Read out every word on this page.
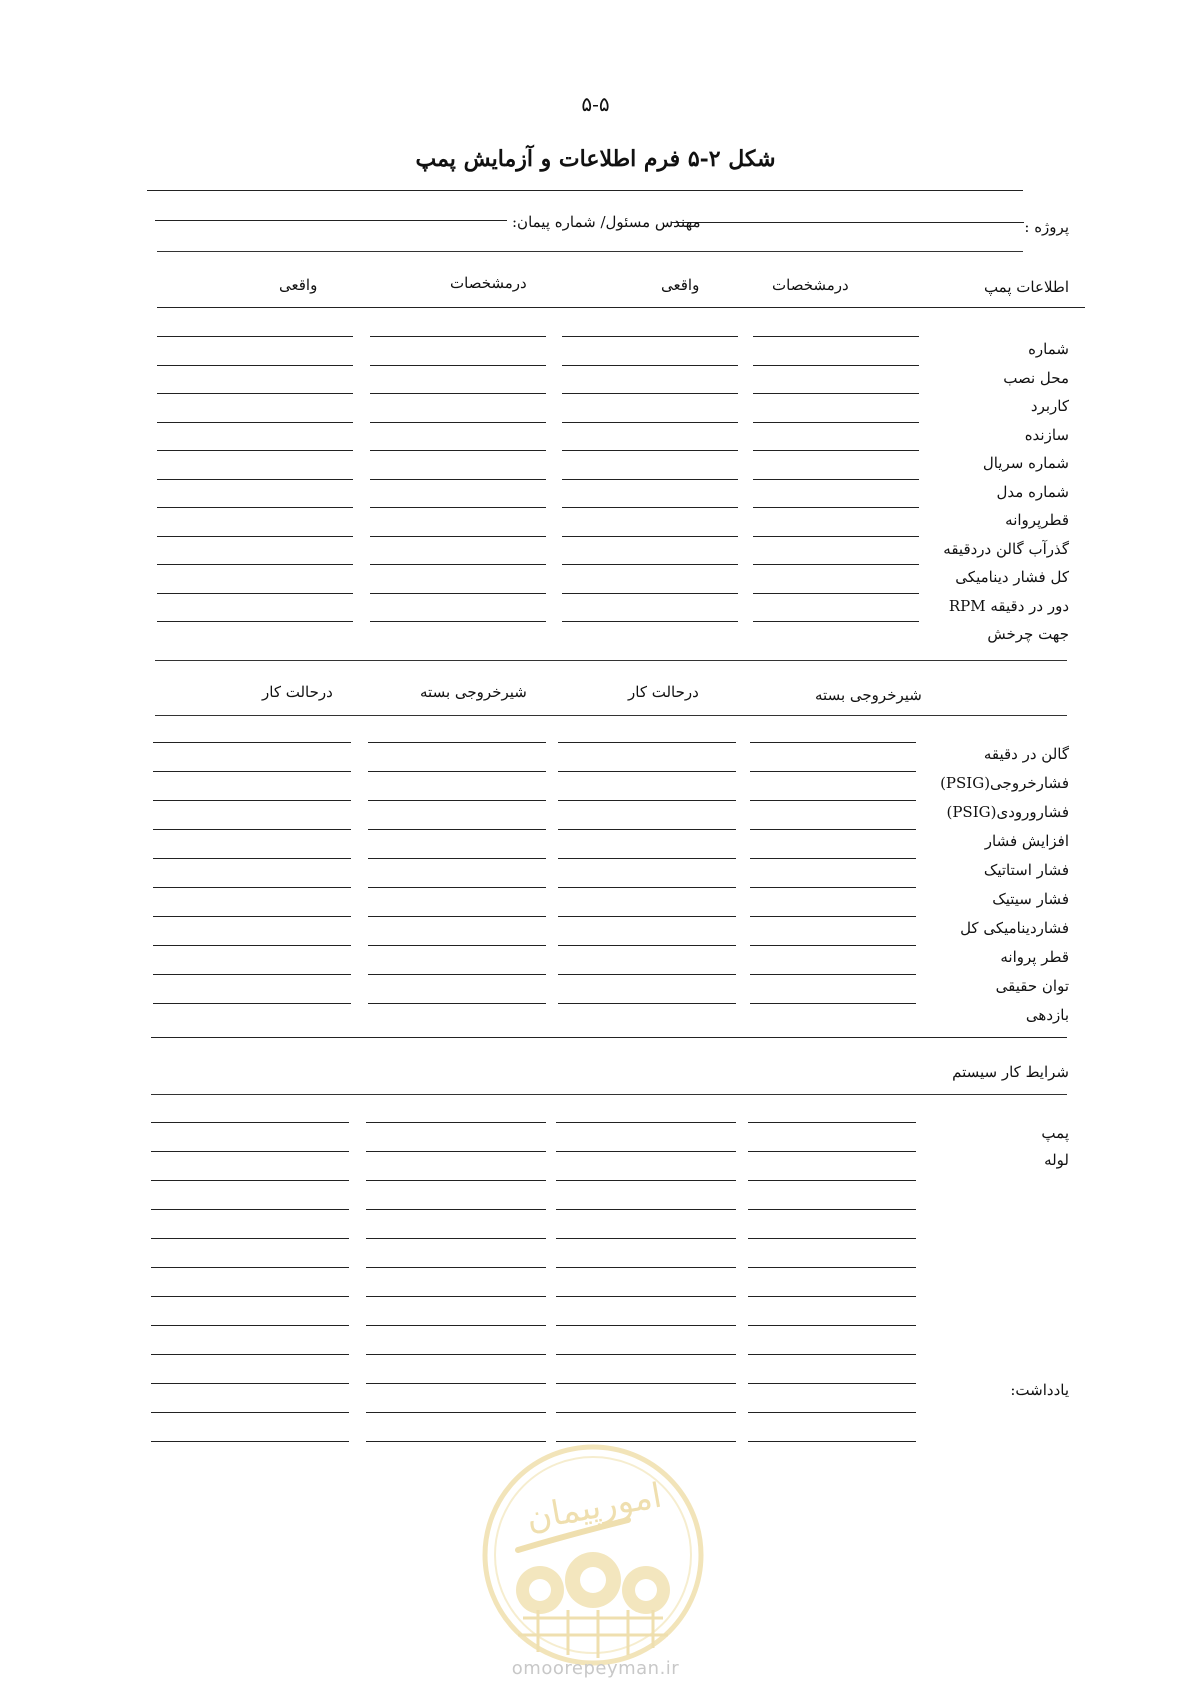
۵-۵
شکل ۲-۵ فرم اطلاعات و آزمایش پمپ
پروژه :
مهندس مسئول/ شماره پیمان:
اطلاعات پمپ
درمشخصات
واقعی
درمشخصات
واقعی
شماره
محل نصب
کاربرد
سازنده
شماره سریال
شماره مدل
قطرپروانه
گذرآب گالن دردقیقه
کل فشار دینامیکی
دور در دقیقه RPM
جهت چرخش
شیرخروجی بسته
درحالت کار
شیرخروجی بسته
درحالت کار
گالن در دقیقه
فشارخروجی(PSIG)
فشارورودی(PSIG)
افزایش فشار
فشار استاتیک
فشار سیتیک
فشاردینامیکی کل
قطر پروانه
توان حقیقی
بازدهی
شرایط کار سیستم
پمپ
لوله
یادداشت:
امورپیمان
omoorepeyman.ir
